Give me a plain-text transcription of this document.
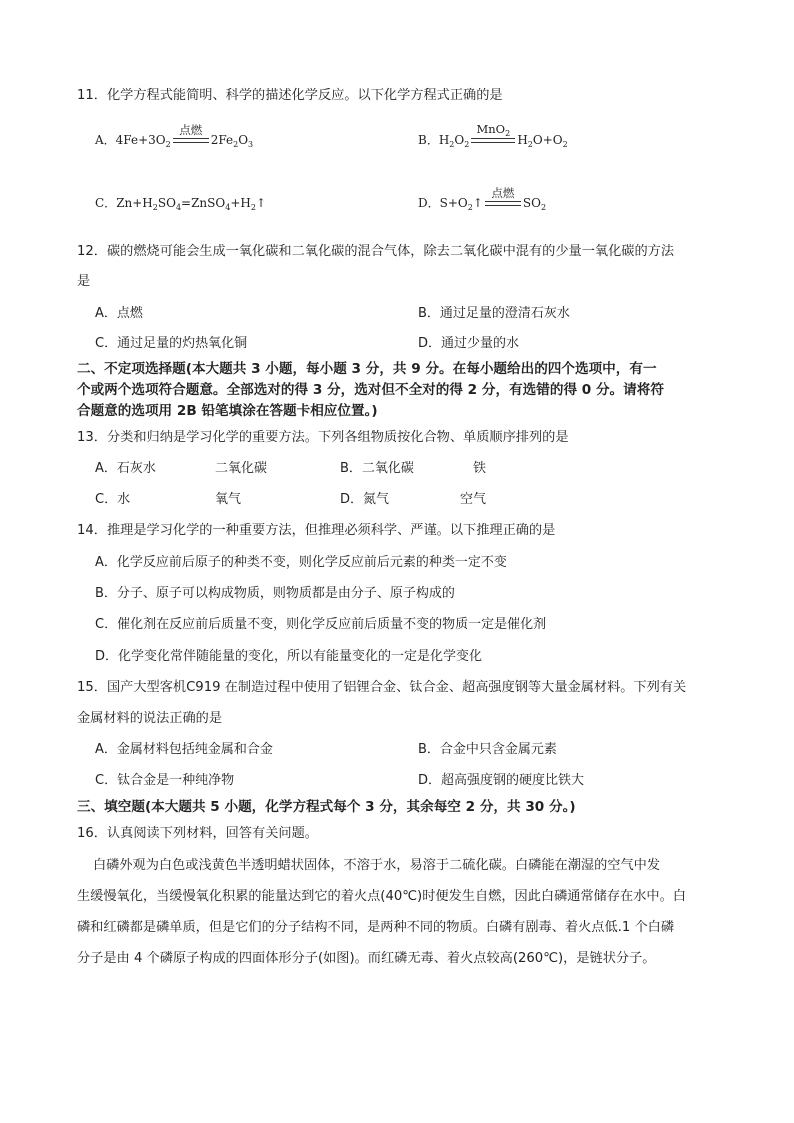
11．化学方程式能简明、科学的描述化学反应。以下化学方程式正确的是
A．$4Fe+3O_2$
点燃
$2Fe_2O_3$	B．$H_2O_2$
MnO$_2$ $H_2O+O_2$
C．$Zn+H_2SO_4=ZnSO_4+H_2↑$	D．$S+O_2↑$
点燃
$SO_2$
12．碳的燃烧可能会生成一氧化碳和二氧化碳的混合气体，除去二氧化碳中混有的少量一氧化碳的方法
是
A．点燃	B．通过足量的澄清石灰水
C．通过足量的灼热氧化铜	D．通过少量的水
二、不定项选择题(本大题共 3 小题，每小题 3 分，共 9 分。在每小题给出的四个选项中，有一
个或两个选项符合题意。全部选对的得 3 分，选对但不全对的得 2 分，有选错的得 0 分。请将符
合题意的选项用 2B 铅笔填涂在答题卡相应位置。)
13．分类和归纳是学习化学的重要方法。下列各组物质按化合物、单质顺序排列的是
A．石灰水	二氧化碳	B．二氧化碳	铁
C．水	氧气	D．氮气	空气
14．推理是学习化学的一种重要方法，但推理必须科学、严谨。以下推理正确的是
A．化学反应前后原子的种类不变，则化学反应前后元素的种类一定不变
B．分子、原子可以构成物质，则物质都是由分子、原子构成的
C．催化剂在反应前后质量不变，则化学反应前后质量不变的物质一定是催化剂
D．化学变化常伴随能量的变化，所以有能量变化的一定是化学变化
15．国产大型客机C919 在制造过程中使用了铝锂合金、钛合金、超高强度钢等大量金属材料。下列有关
金属材料的说法正确的是
A．金属材料包括纯金属和合金	B．合金中只含金属元素
C．钛合金是一种纯净物	D．超高强度钢的硬度比铁大
三、填空题(本大题共 5 小题，化学方程式每个 3 分，其余每空 2 分，共 30 分。)
16．认真阅读下列材料，回答有关问题。
白磷外观为白色或浅黄色半透明蜡状固体，不溶于水，易溶于二硫化碳。白磷能在潮湿的空气中发
生缓慢氧化，当缓慢氧化积累的能量达到它的着火点(40℃)时便发生自燃，因此白磷通常储存在水中。白
磷和红磷都是磷单质，但是它们的分子结构不同，是两种不同的物质。白磷有剧毒、着火点低.1 个白磷
分子是由 4 个磷原子构成的四面体形分子(如图)。而红磷无毒、着火点较高(260℃)，是链状分子。
